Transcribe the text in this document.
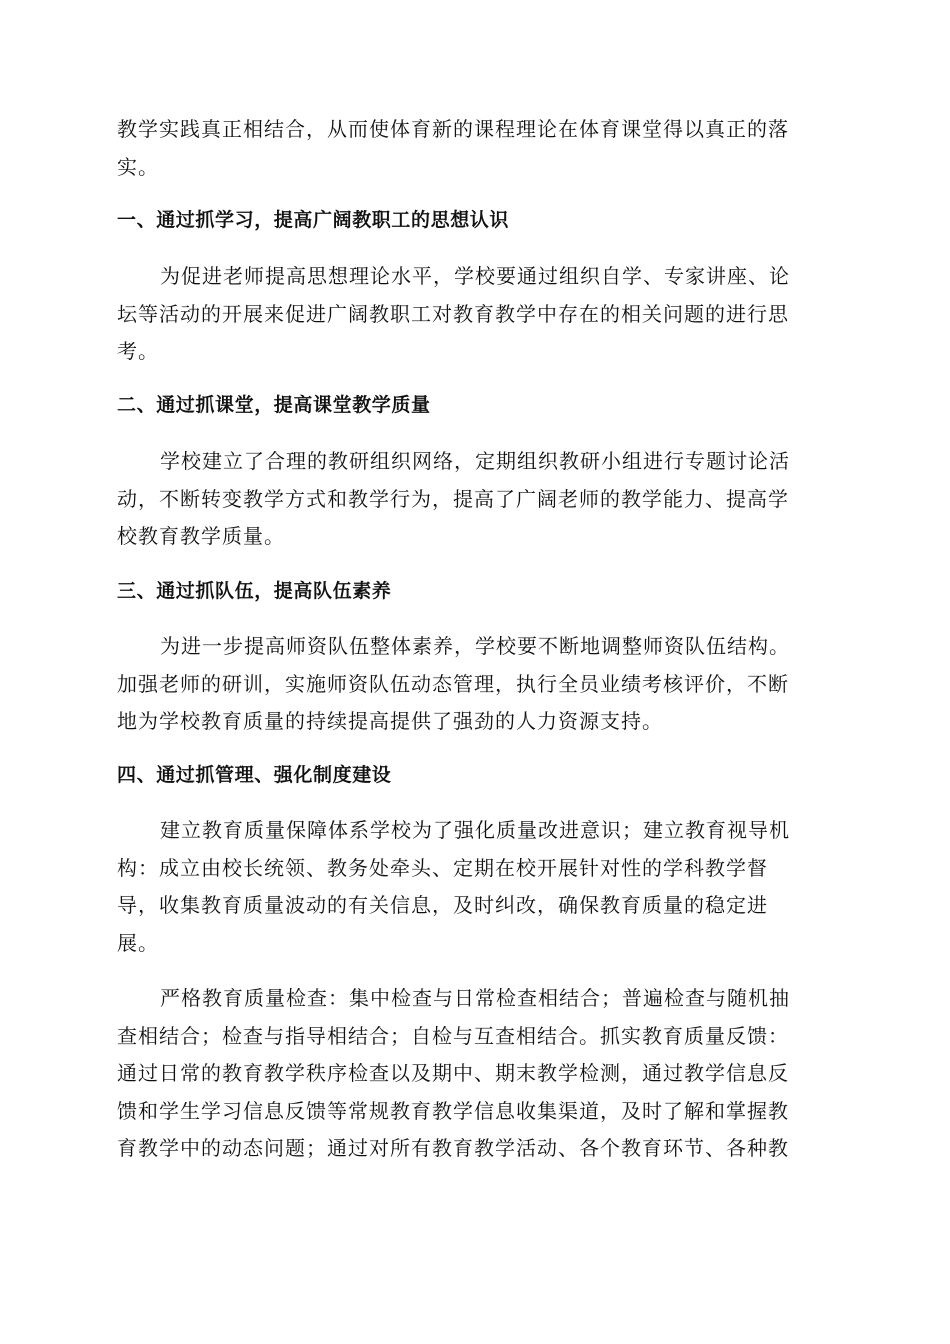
教学实践真正相结合，从而使体育新的课程理论在体育课堂得以真正的落
实。

一、通过抓学习，提高广阔教职工的思想认识

为促进老师提高思想理论水平，学校要通过组织自学、专家讲座、论
坛等活动的开展来促进广阔教职工对教育教学中存在的相关问题的进行思
考。

二、通过抓课堂，提高课堂教学质量

学校建立了合理的教研组织网络，定期组织教研小组进行专题讨论活
动，不断转变教学方式和教学行为，提高了广阔老师的教学能力、提高学
校教育教学质量。

三、通过抓队伍，提高队伍素养

为进一步提高师资队伍整体素养，学校要不断地调整师资队伍结构。
加强老师的研训，实施师资队伍动态管理，执行全员业绩考核评价，不断
地为学校教育质量的持续提高提供了强劲的人力资源支持。

四、通过抓管理、强化制度建设

建立教育质量保障体系学校为了强化质量改进意识；建立教育视导机
构：成立由校长统领、教务处牵头、定期在校开展针对性的学科教学督
导，收集教育质量波动的有关信息，及时纠改，确保教育质量的稳定进
展。

严格教育质量检查：集中检查与日常检查相结合；普遍检查与随机抽
查相结合；检查与指导相结合；自检与互查相结合。抓实教育质量反馈：
通过日常的教育教学秩序检查以及期中、期末教学检测，通过教学信息反
馈和学生学习信息反馈等常规教育教学信息收集渠道，及时了解和掌握教
育教学中的动态问题；通过对所有教育教学活动、各个教育环节、各种教
